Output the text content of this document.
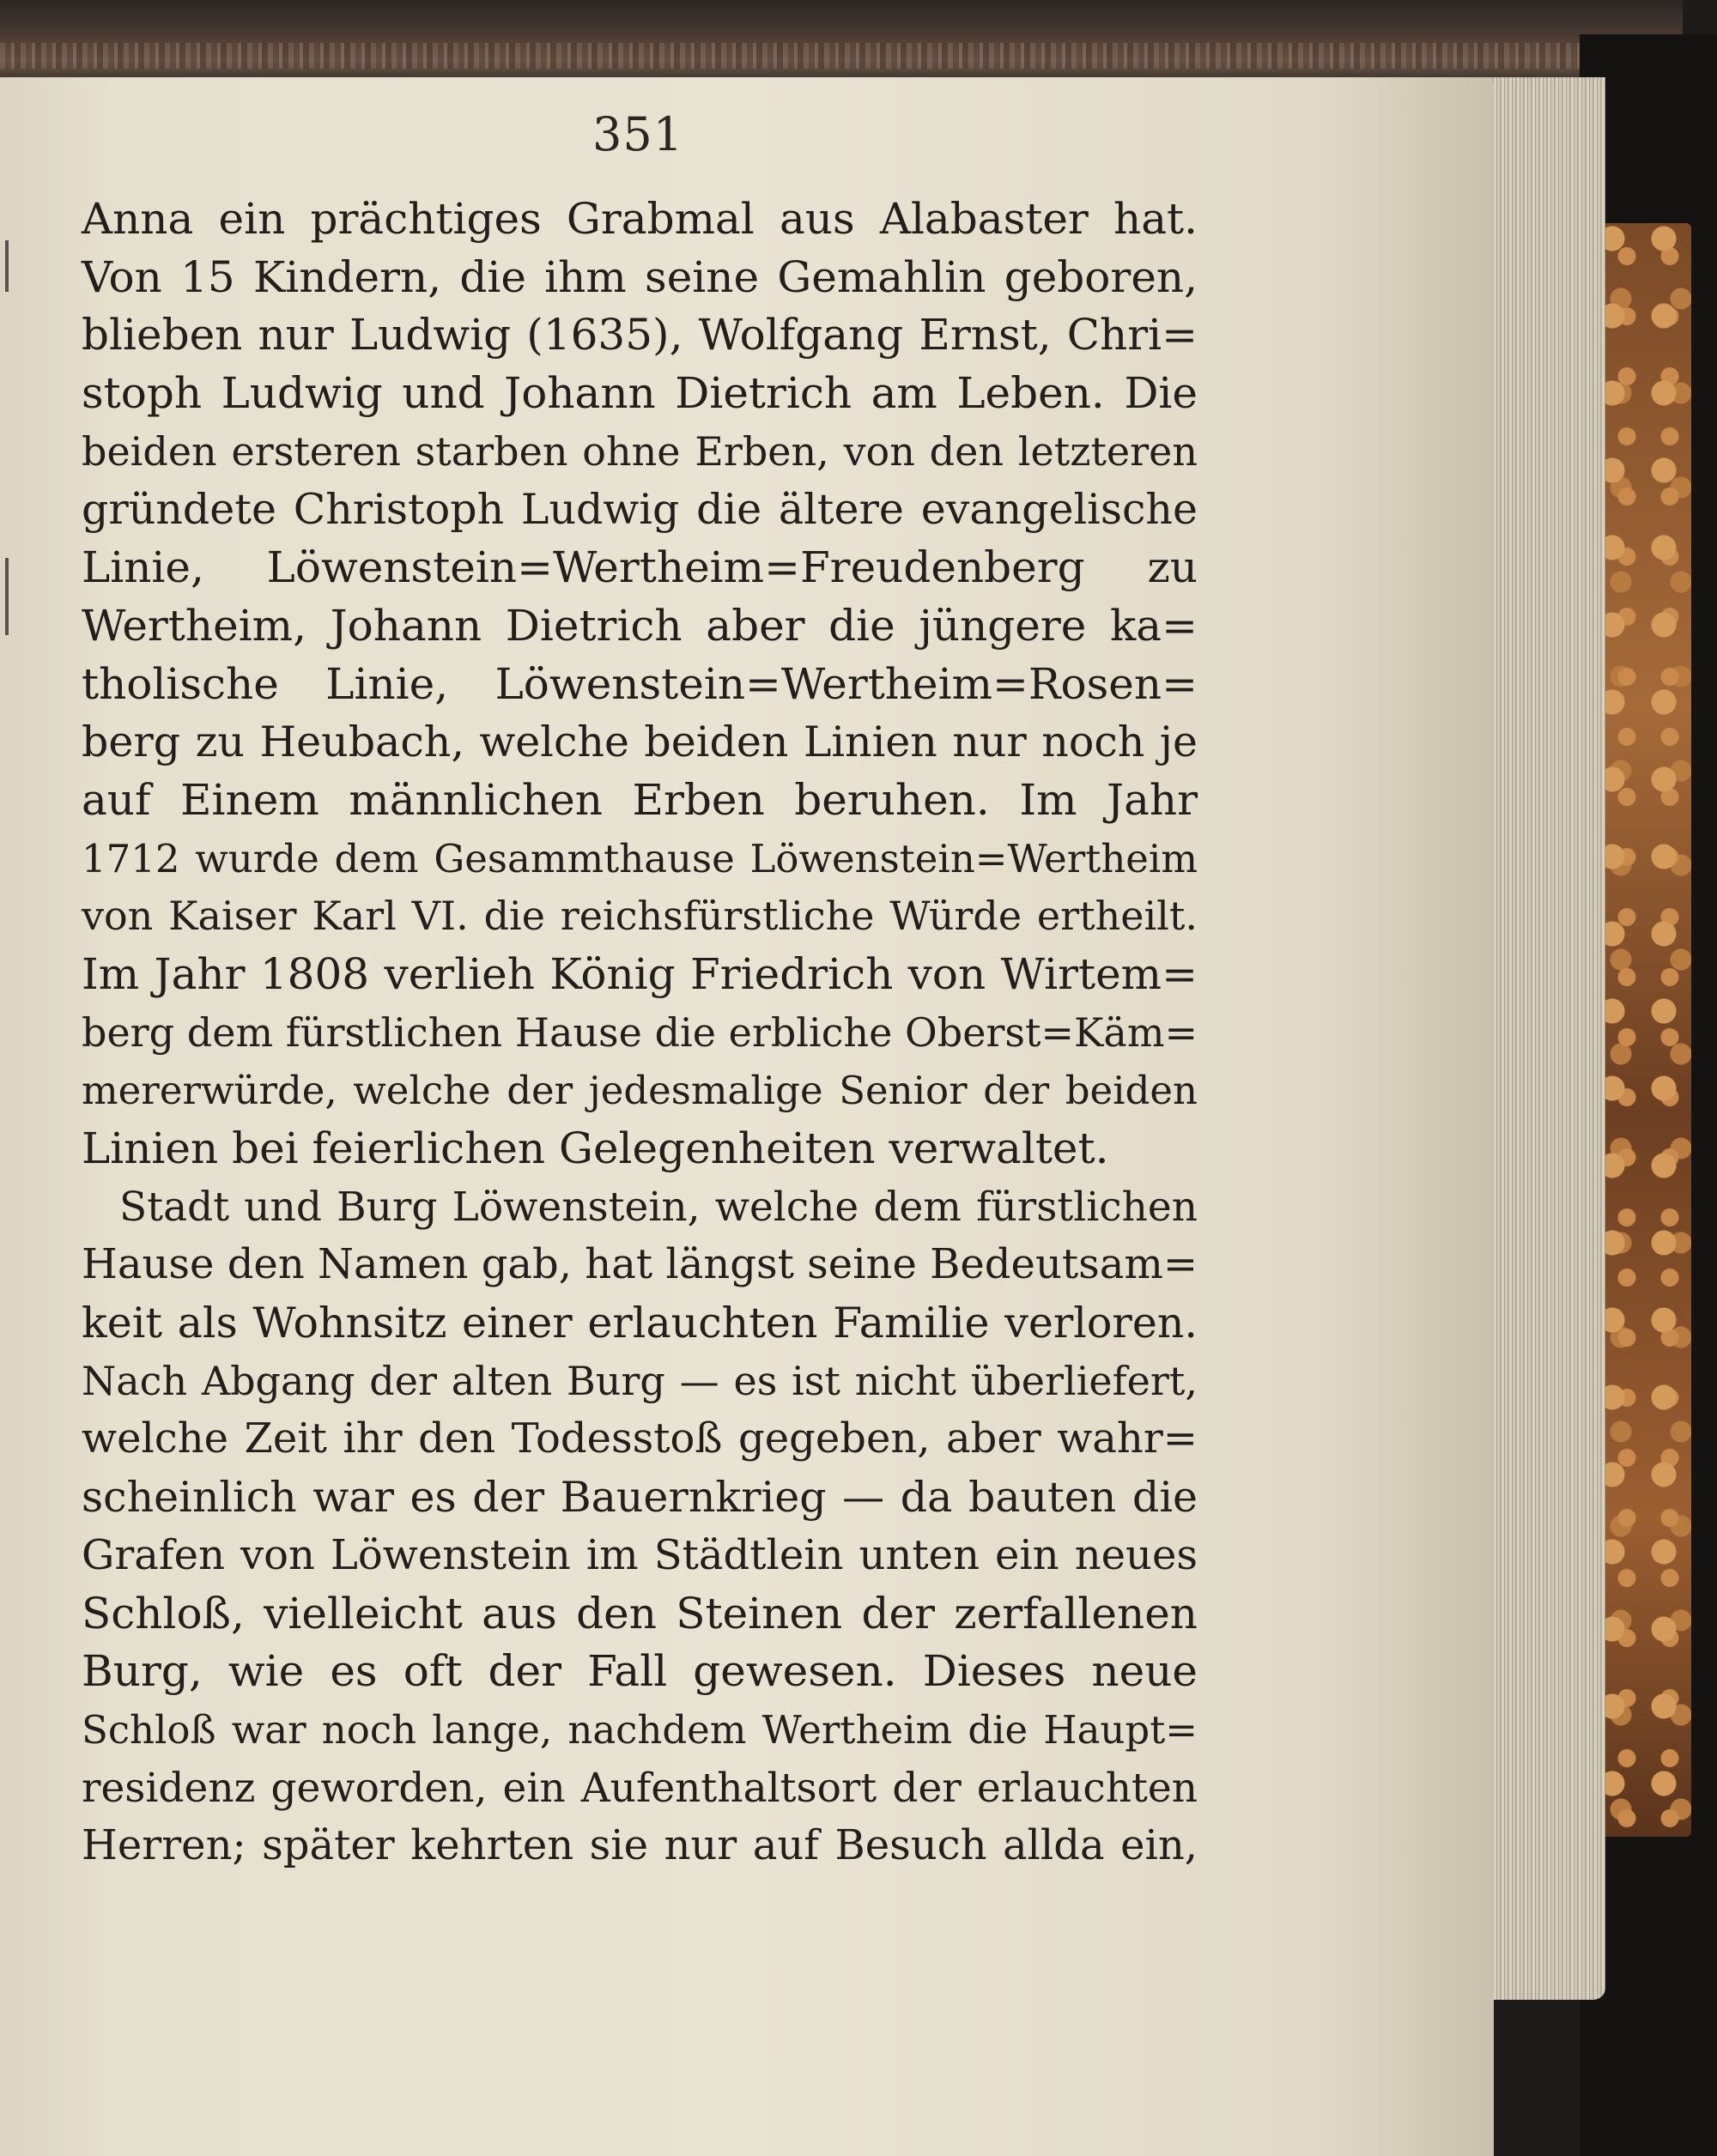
351
Anna ein prächtiges Grabmal aus Alabaster hat.
Von 15 Kindern, die ihm seine Gemahlin geboren,
blieben nur Ludwig (1635), Wolfgang Ernst, Chri=
stoph Ludwig und Johann Dietrich am Leben. Die
beiden ersteren starben ohne Erben, von den letzteren
gründete Christoph Ludwig die ältere evangelische
Linie, Löwenstein=Wertheim=Freudenberg zu
Wertheim, Johann Dietrich aber die jüngere ka=
tholische Linie, Löwenstein=Wertheim=Rosen=
berg zu Heubach, welche beiden Linien nur noch je
auf Einem männlichen Erben beruhen. Im Jahr
1712 wurde dem Gesammthause Löwenstein=Wertheim
von Kaiser Karl VI. die reichsfürstliche Würde ertheilt.
Im Jahr 1808 verlieh König Friedrich von Wirtem=
berg dem fürstlichen Hause die erbliche Oberst=Käm=
mererwürde, welche der jedesmalige Senior der beiden
Linien bei feierlichen Gelegenheiten verwaltet.
Stadt und Burg Löwenstein, welche dem fürstlichen
Hause den Namen gab, hat längst seine Bedeutsam=
keit als Wohnsitz einer erlauchten Familie verloren.
Nach Abgang der alten Burg — es ist nicht überliefert,
welche Zeit ihr den Todesstoß gegeben, aber wahr=
scheinlich war es der Bauernkrieg — da bauten die
Grafen von Löwenstein im Städtlein unten ein neues
Schloß, vielleicht aus den Steinen der zerfallenen
Burg, wie es oft der Fall gewesen. Dieses neue
Schloß war noch lange, nachdem Wertheim die Haupt=
residenz geworden, ein Aufenthaltsort der erlauchten
Herren; später kehrten sie nur auf Besuch allda ein,
